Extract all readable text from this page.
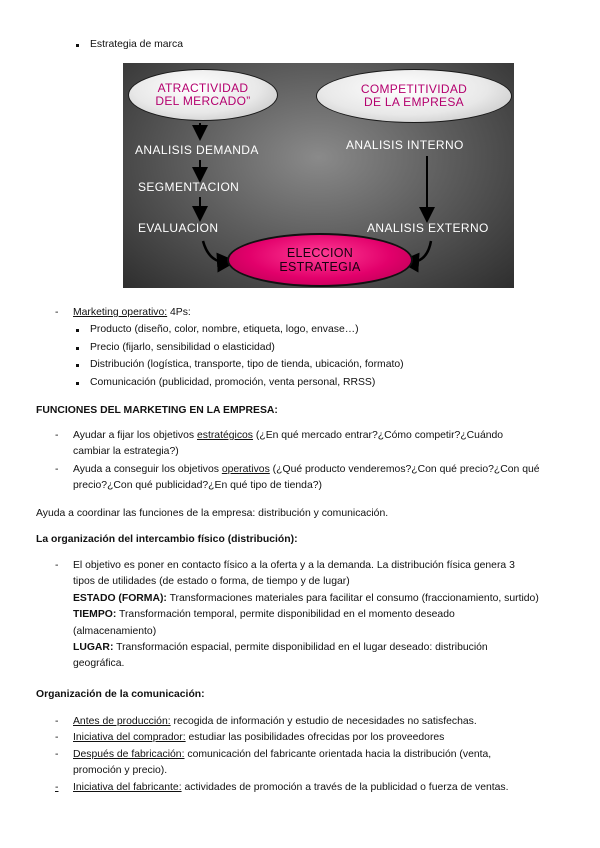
Estrategia de marca
ATRACTIVIDAD
DEL MERCADO”
COMPETITIVIDAD
DE LA EMPRESA
ANALISIS DEMANDA
SEGMENTACION
EVALUACION
ANALISIS INTERNO
ANALISIS EXTERNO
ELECCION
ESTRATEGIA
- Marketing operativo: 4Ps:
Producto (diseño, color, nombre, etiqueta, logo, envase…)
Precio (fijarlo, sensibilidad o elasticidad)
Distribución (logística, transporte, tipo de tienda, ubicación, formato)
Comunicación (publicidad, promoción, venta personal, RRSS)
FUNCIONES DEL MARKETING EN LA EMPRESA:
- Ayudar a fijar los objetivos estratégicos (¿En qué mercado entrar?¿Cómo competir?¿Cuándo
cambiar la estrategia?)
- Ayuda a conseguir los objetivos operativos (¿Qué producto venderemos?¿Con qué precio?¿Con qué
precio?¿Con qué publicidad?¿En qué tipo de tienda?)
Ayuda a coordinar las funciones de la empresa: distribución y comunicación.
La organización del intercambio físico (distribución):
- El objetivo es poner en contacto físico a la oferta y a la demanda. La distribución física genera 3
tipos de utilidades (de estado o forma, de tiempo y de lugar)
ESTADO (FORMA): Transformaciones materiales para facilitar el consumo (fraccionamiento, surtido)
TIEMPO: Transformación temporal, permite disponibilidad en el momento deseado
(almacenamiento)
LUGAR: Transformación espacial, permite disponibilidad en el lugar deseado: distribución
geográfica.
Organización de la comunicación:
- Antes de producción: recogida de información y estudio de necesidades no satisfechas.
- Iniciativa del comprador: estudiar las posibilidades ofrecidas por los proveedores
- Después de fabricación: comunicación del fabricante orientada hacia la distribución (venta,
promoción y precio).
-	Iniciativa del fabricante: actividades de promoción a través de la publicidad o fuerza de ventas.
